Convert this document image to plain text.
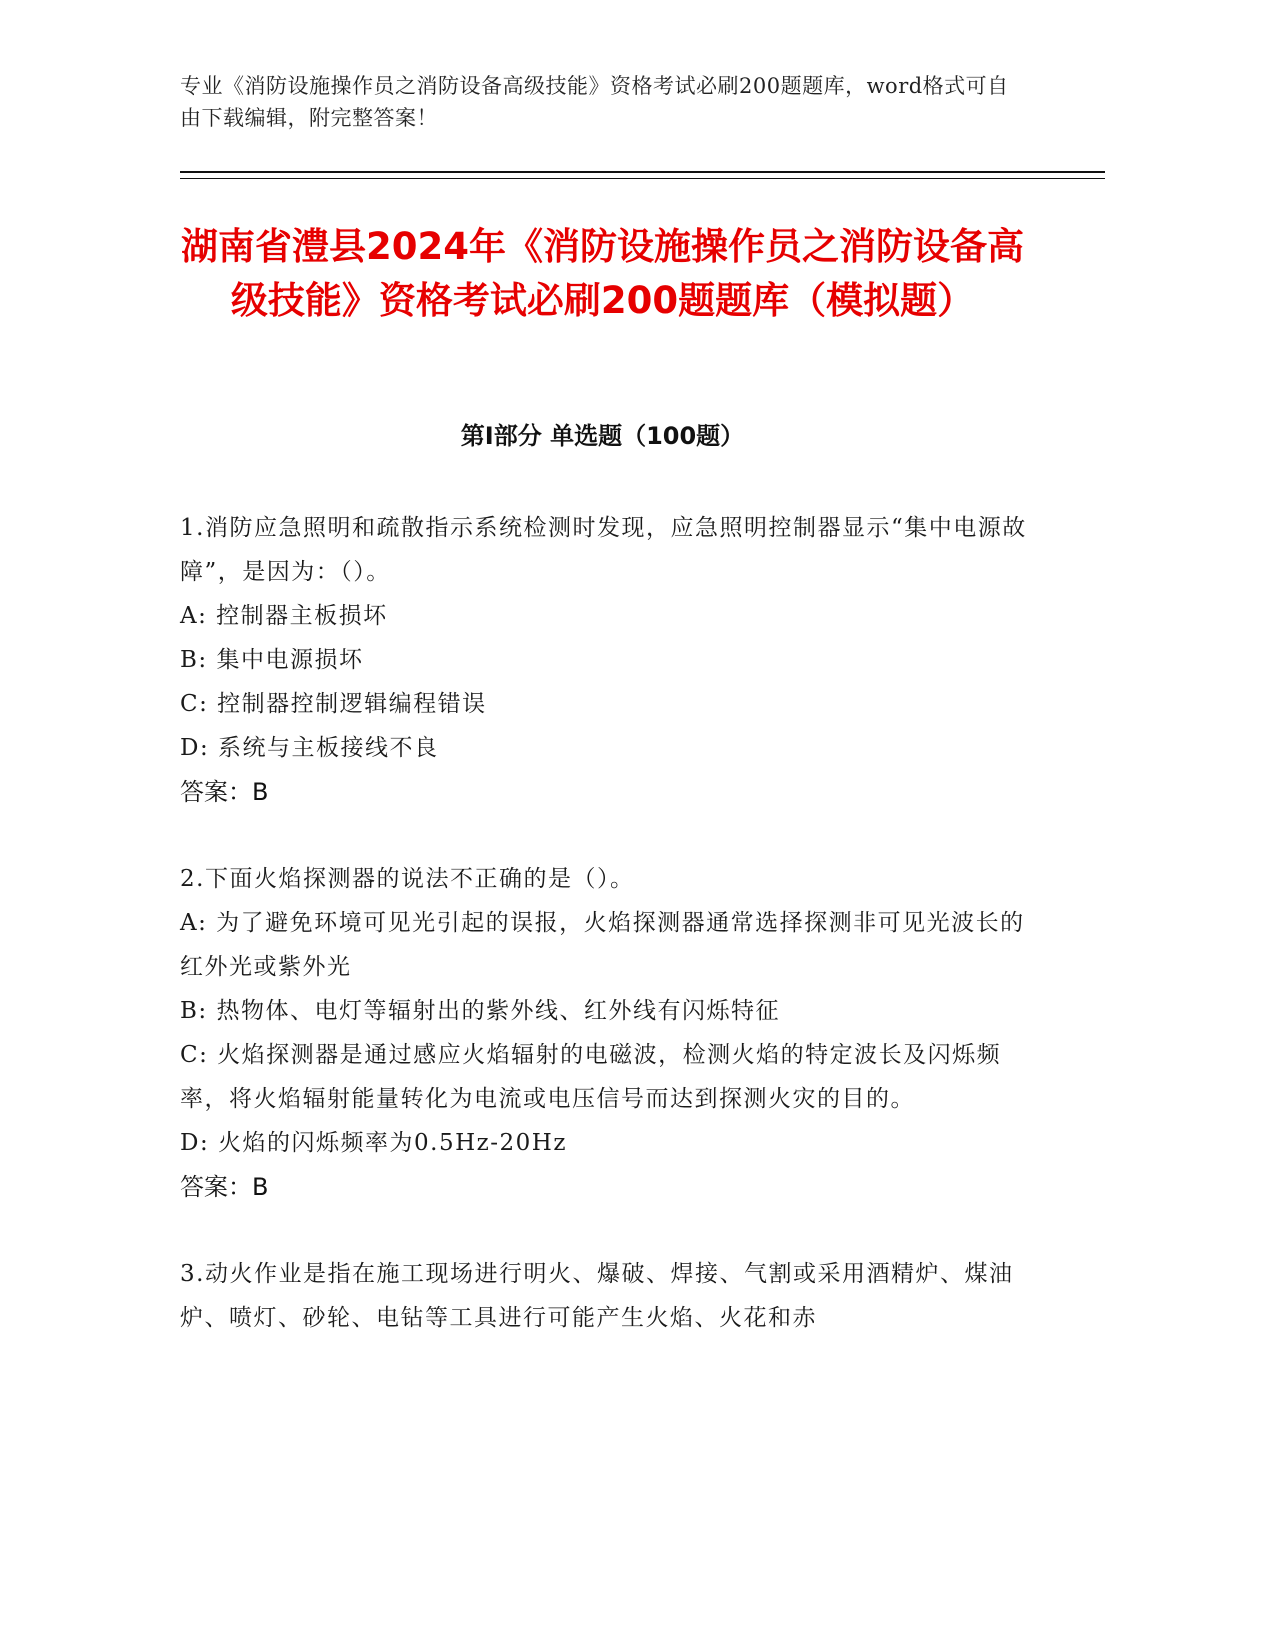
专业《消防设施操作员之消防设备高级技能》资格考试必刷200题题库，word格式可自由下载编辑，附完整答案！
湖南省澧县2024年《消防设施操作员之消防设备高级技能》资格考试必刷200题题库（模拟题）
第I部分 单选题（100题）
1.消防应急照明和疏散指示系统检测时发现，应急照明控制器显示“集中电源故障”，是因为：（）。
A: 控制器主板损坏
B: 集中电源损坏
C: 控制器控制逻辑编程错误
D: 系统与主板接线不良
答案：B
2.下面火焰探测器的说法不正确的是（）。
A: 为了避免环境可见光引起的误报，火焰探测器通常选择探测非可见光波长的红外光或紫外光
B: 热物体、电灯等辐射出的紫外线、红外线有闪烁特征
C: 火焰探测器是通过感应火焰辐射的电磁波，检测火焰的特定波长及闪烁频率，将火焰辐射能量转化为电流或电压信号而达到探测火灾的目的。
D: 火焰的闪烁频率为0.5Hz-20Hz
答案：B
3.动火作业是指在施工现场进行明火、爆破、焊接、气割或采用酒精炉、煤油炉、喷灯、砂轮、电钻等工具进行可能产生火焰、火花和赤
